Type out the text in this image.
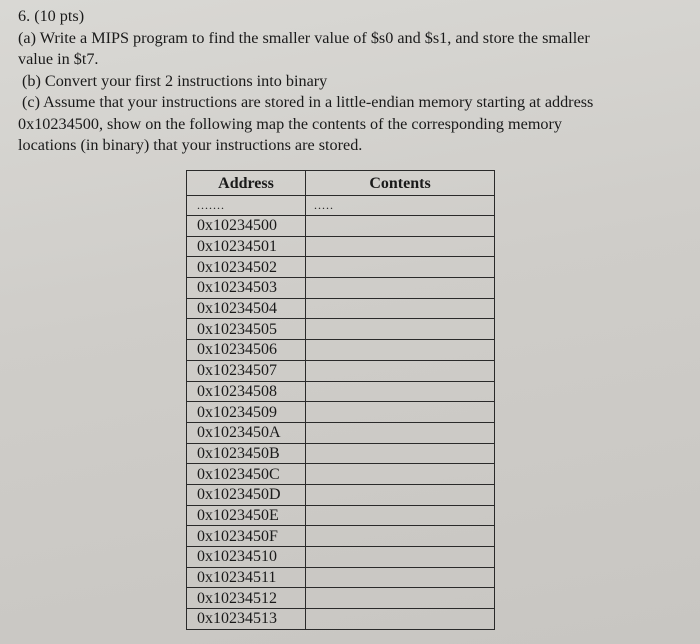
6. (10 pts)

(a) Write a MIPS program to find the smaller value of $s0 and $s1, and store the smaller

value in $t7.

(b) Convert your first 2 instructions into binary

(c) Assume that your instructions are stored in a little-endian memory starting at address

0x10234500, show on the following map the contents of the corresponding memory

locations (in binary) that your instructions are stored.

Address	Contents
.......	.....
0x10234500	
0x10234501	
0x10234502	
0x10234503	
0x10234504	
0x10234505	
0x10234506	
0x10234507	
0x10234508	
0x10234509	
0x1023450A	
0x1023450B	
0x1023450C	
0x1023450D	
0x1023450E	
0x1023450F	
0x10234510	
0x10234511	
0x10234512	
0x10234513	
